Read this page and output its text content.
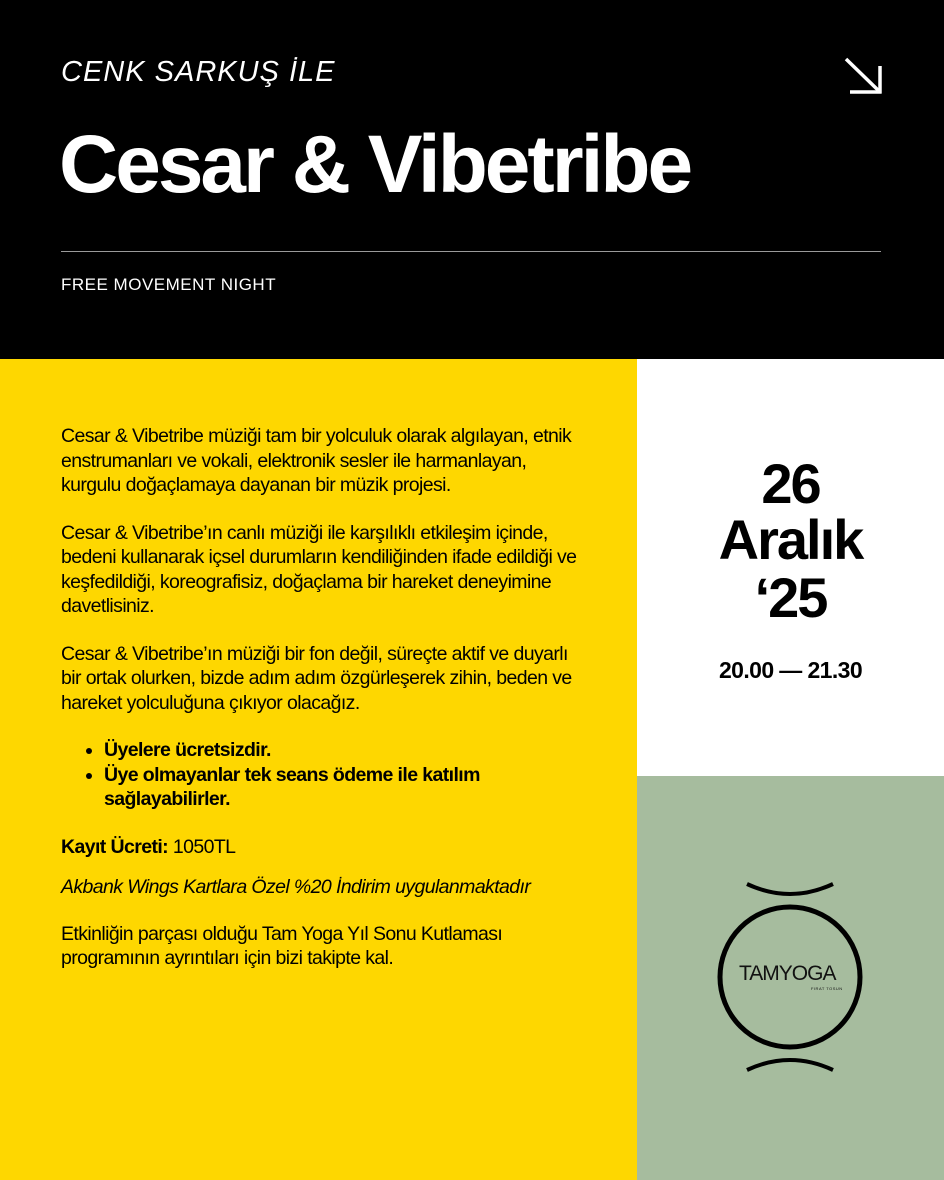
CENK SARKUŞ İLE
Cesar & Vibetribe
FREE MOVEMENT NIGHT

Cesar & Vibetribe müziği tam bir yolculuk olarak algılayan, etnik enstrumanları ve vokali, elektronik sesler ile harmanlayan, kurgulu doğaçlamaya dayanan bir müzik projesi.

Cesar & Vibetribe’ın canlı müziği ile karşılıklı etkileşim içinde, bedeni kullanarak içsel durumların kendiliğinden ifade edildiği ve keşfedildiği, koreografisiz, doğaçlama bir hareket deneyimine davetlisiniz.

Cesar & Vibetribe’ın müziği bir fon değil, süreçte aktif ve duyarlı bir ortak olurken, bizde adım adım özgürleşerek zihin, beden ve hareket yolculuğuna çıkıyor olacağız.

• Üyelere ücretsizdir.
• Üye olmayanlar tek seans ödeme ile katılım sağlayabilirler.

Kayıt Ücreti: 1050TL

Akbank Wings Kartlara Özel %20 İndirim uygulanmaktadır

Etkinliğin parçası olduğu Tam Yoga Yıl Sonu Kutlaması programının ayrıntıları için bizi takipte kal.

26
Aralık
‘25
20.00 — 21.30
TAMYOGA
FIRAT TOSUN
